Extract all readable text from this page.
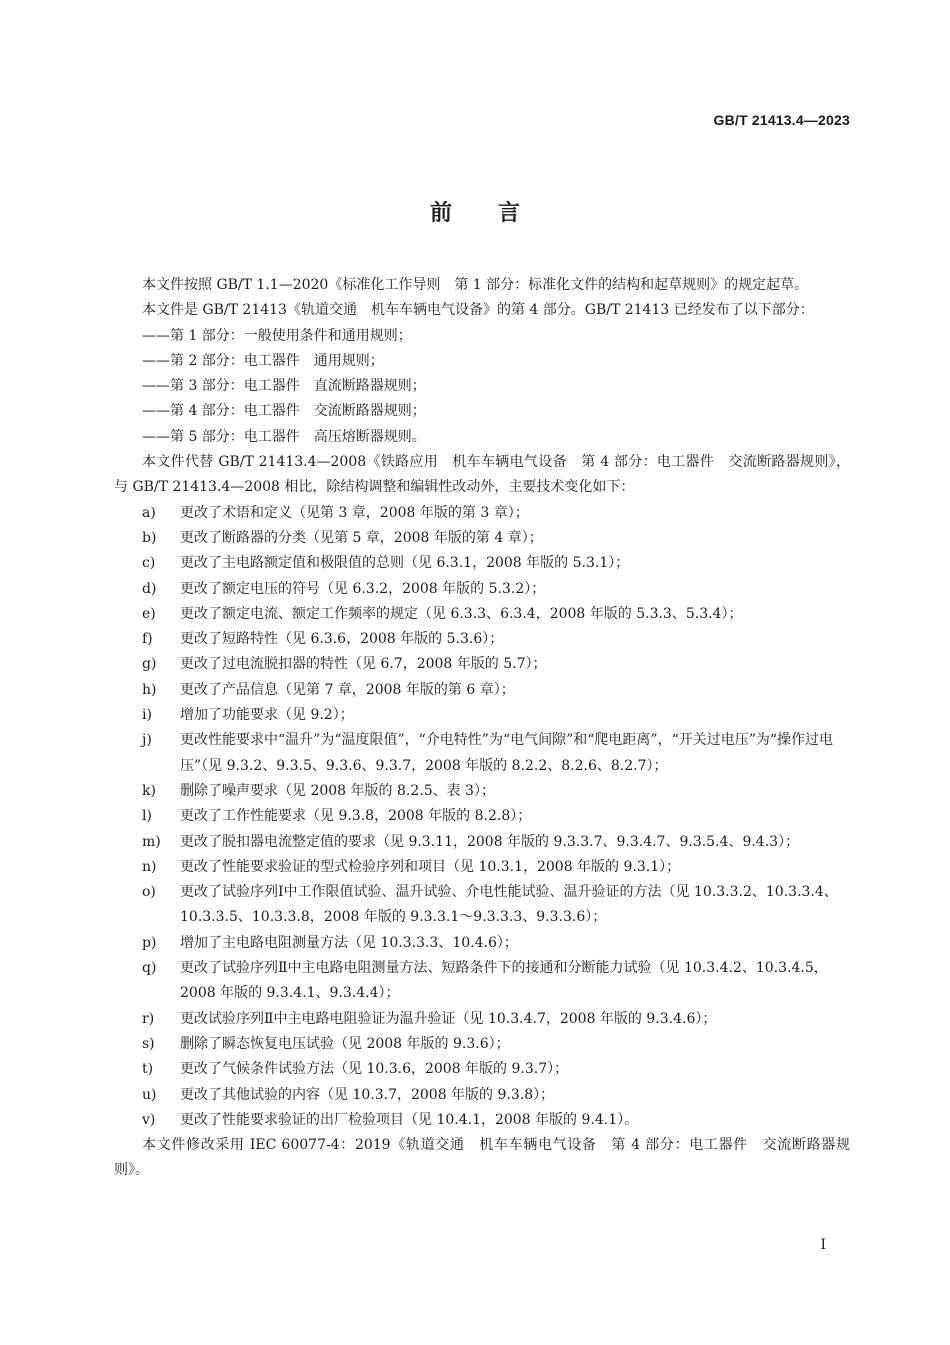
GB/T 21413.4—2023
前言

本文件按照 GB/T 1.1—2020《标准化工作导则　第 1 部分：标准化文件的结构和起草规则》的规定起草。

本文件是 GB/T 21413《轨道交通　机车车辆电气设备》的第 4 部分。GB/T 21413 已经发布了以下部分：

——第 1 部分：一般使用条件和通用规则；

——第 2 部分：电工器件　通用规则；

——第 3 部分：电工器件　直流断路器规则；

——第 4 部分：电工器件　交流断路器规则；

——第 5 部分：电工器件　高压熔断器规则。

本文件代替 GB/T 21413.4—2008《铁路应用　机车车辆电气设备　第 4 部分：电工器件　交流断路器规则》，与 GB/T 21413.4—2008 相比，除结构调整和编辑性改动外，主要技术变化如下：

a)	更改了术语和定义（见第 3 章，2008 年版的第 3 章）；
b)	更改了断路器的分类（见第 5 章，2008 年版的第 4 章）；
c)	更改了主电路额定值和极限值的总则（见 6.3.1，2008 年版的 5.3.1）；
d)	更改了额定电压的符号（见 6.3.2，2008 年版的 5.3.2）；
e)	更改了额定电流、额定工作频率的规定（见 6.3.3、6.3.4，2008 年版的 5.3.3、5.3.4）；
f)	更改了短路特性（见 6.3.6，2008 年版的 5.3.6）；
g)	更改了过电流脱扣器的特性（见 6.7，2008 年版的 5.7）；
h)	更改了产品信息（见第 7 章，2008 年版的第 6 章）；
i)	增加了功能要求（见 9.2）；
j)	更改性能要求中“温升”为“温度限值”，“介电特性”为“电气间隙”和“爬电距离”，“开关过电压”为“操作过电压”（见 9.3.2、9.3.5、9.3.6、9.3.7，2008 年版的 8.2.2、8.2.6、8.2.7）；
k)	删除了噪声要求（见 2008 年版的 8.2.5、表 3）；
l)	更改了工作性能要求（见 9.3.8，2008 年版的 8.2.8）；
m)	更改了脱扣器电流整定值的要求（见 9.3.11，2008 年版的 9.3.3.7、9.3.4.7、9.3.5.4、9.4.3）；
n)	更改了性能要求验证的型式检验序列和项目（见 10.3.1，2008 年版的 9.3.1）；
o)	更改了试验序列Ⅰ中工作限值试验、温升试验、介电性能试验、温升验证的方法（见 10.3.3.2、10.3.3.4、10.3.3.5、10.3.3.8，2008 年版的 9.3.3.1～9.3.3.3、9.3.3.6）；
p)	增加了主电路电阻测量方法（见 10.3.3.3、10.4.6）；
q)	更改了试验序列Ⅱ中主电路电阻测量方法、短路条件下的接通和分断能力试验（见 10.3.4.2、10.3.4.5，2008 年版的 9.3.4.1、9.3.4.4）；
r)	更改试验序列Ⅱ中主电路电阻验证为温升验证（见 10.3.4.7，2008 年版的 9.3.4.6）；
s)	删除了瞬态恢复电压试验（见 2008 年版的 9.3.6）；
t)	更改了气候条件试验方法（见 10.3.6，2008 年版的 9.3.7）；
u)	更改了其他试验的内容（见 10.3.7，2008 年版的 9.3.8）；
v)	更改了性能要求验证的出厂检验项目（见 10.4.1，2008 年版的 9.4.1）。

本文件修改采用 IEC 60077-4：2019《轨道交通　机车车辆电气设备　第 4 部分：电工器件　交流断路器规则》。

I
